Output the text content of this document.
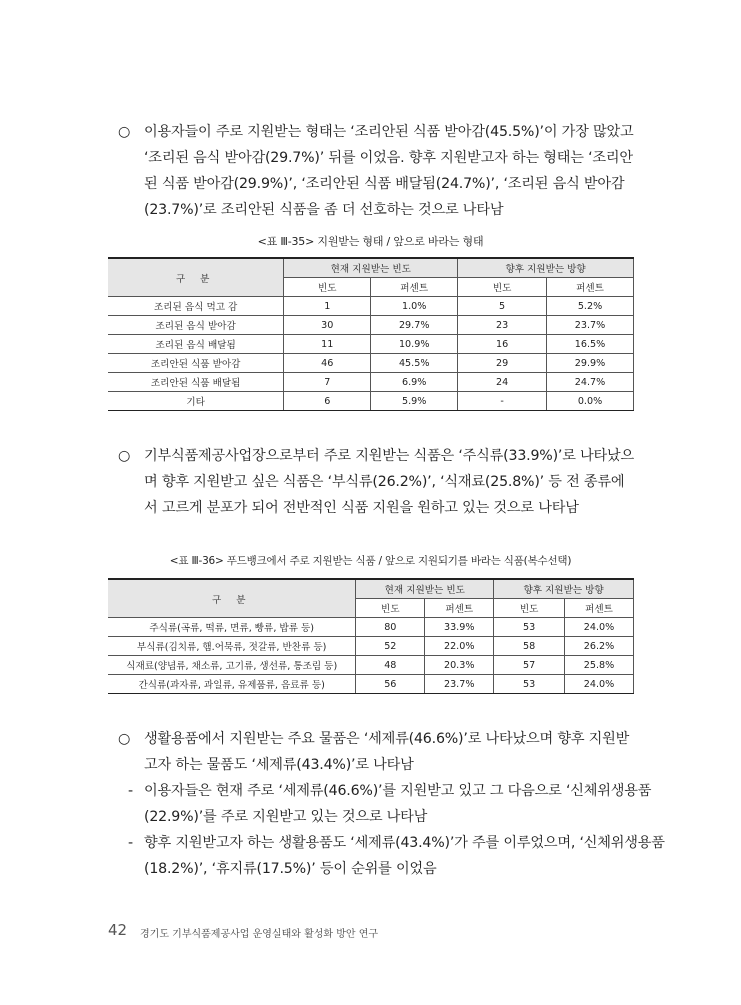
○ 이용자들이 주로 지원받는 형태는 ‘조리안된 식품 받아감(45.5%)’이 가장 많았고
‘조리된 음식 받아감(29.7%)’ 뒤를 이었음. 향후 지원받고자 하는 형태는 ‘조리안
된 식품 받아감(29.9%)’, ‘조리안된 식품 배달됨(24.7%)’, ‘조리된 음식 받아감
(23.7%)’로 조리안된 식품을 좀 더 선호하는 것으로 나타남
<표 Ⅲ-35> 지원받는 형태 / 앞으로 바라는 형태
구 분	현재 지원받는 빈도		향후 지원받는 방향	
	빈도	퍼센트	빈도	퍼센트
조리된 음식 먹고 감	1	1.0%	5	5.2%
조리된 음식 받아감	30	29.7%	23	23.7%
조리된 음식 배달됨	11	10.9%	16	16.5%
조리안된 식품 받아감	46	45.5%	29	29.9%
조리안된 식품 배달됨	7	6.9%	24	24.7%
기타	6	5.9%	-	0.0%
○ 기부식품제공사업장으로부터 주로 지원받는 식품은 ‘주식류(33.9%)’로 나타났으
며 향후 지원받고 싶은 식품은 ‘부식류(26.2%)’, ‘식재료(25.8%)’ 등 전 종류에
서 고르게 분포가 되어 전반적인 식품 지원을 원하고 있는 것으로 나타남
<표 Ⅲ-36> 푸드뱅크에서 주로 지원받는 식품 / 앞으로 지원되기를 바라는 식품(복수선택)
구 분	현재 지원받는 빈도		향후 지원받는 방향	
	빈도	퍼센트	빈도	퍼센트
주식류(곡류, 떡류, 면류, 빵류, 밥류 등)	80	33.9%	53	24.0%
부식류(김치류, 햄.어묵류, 젓갈류, 반찬류 등)	52	22.0%	58	26.2%
식재료(양념류, 채소류, 고기류, 생선류, 통조림 등)	48	20.3%	57	25.8%
간식류(과자류, 과일류, 유제품류, 음료류 등)	56	23.7%	53	24.0%
○ 생활용품에서 지원받는 주요 물품은 ‘세제류(46.6%)’로 나타났으며 향후 지원받
고자 하는 물품도 ‘세제류(43.4%)’로 나타남
- 이용자들은 현재 주로 ‘세제류(46.6%)’를 지원받고 있고 그 다음으로 ‘신체위생용품
(22.9%)’를 주로 지원받고 있는 것으로 나타남
- 향후 지원받고자 하는 생활용품도 ‘세제류(43.4%)’가 주를 이루었으며, ‘신체위생용품
(18.2%)’, ‘휴지류(17.5%)’ 등이 순위를 이었음
42 경기도 기부식품제공사업 운영실태와 활성화 방안 연구
